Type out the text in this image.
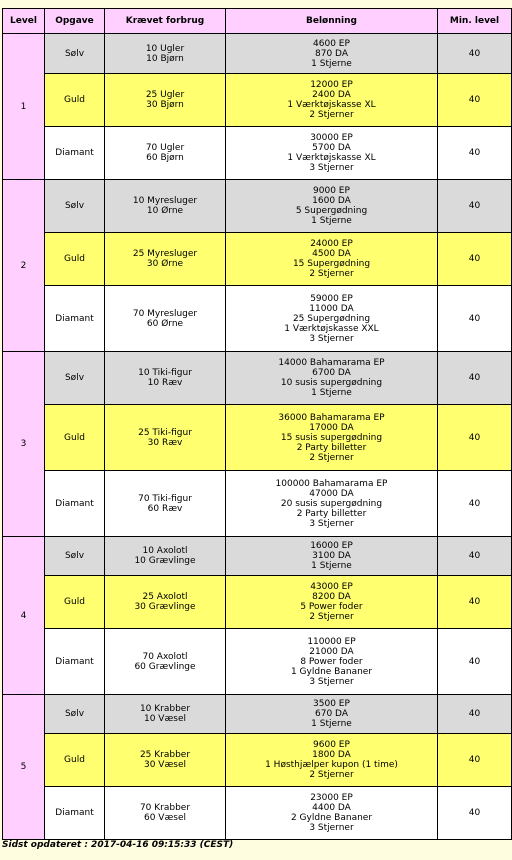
Level	Opgave	Krævet forbrug	Belønning	Min. level
1	Sølv	10 Ugler
10 Bjørn	4600 EP
870 DA
1 Stjerne	40
	Guld	25 Ugler
30 Bjørn	12000 EP
2400 DA
1 Værktøjskasse XL
2 Stjerner	40
	Diamant	70 Ugler
60 Bjørn	30000 EP
5700 DA
1 Værktøjskasse XL
3 Stjerner	40
2	Sølv	10 Myresluger
10 Ørne	9000 EP
1600 DA
5 Supergødning
1 Stjerne	40
	Guld	25 Myresluger
30 Ørne	24000 EP
4500 DA
15 Supergødning
2 Stjerner	40
	Diamant	70 Myresluger
60 Ørne	59000 EP
11000 DA
25 Supergødning
1 Værktøjskasse XXL
3 Stjerner	40
3	Sølv	10 Tiki-figur
10 Ræv	14000 Bahamarama EP
6700 DA
10 susis supergødning
1 Stjerne	40
	Guld	25 Tiki-figur
30 Ræv	36000 Bahamarama EP
17000 DA
15 susis supergødning
2 Party billetter
2 Stjerner	40
	Diamant	70 Tiki-figur
60 Ræv	100000 Bahamarama EP
47000 DA
20 susis supergødning
2 Party billetter
3 Stjerner	40
4	Sølv	10 Axolotl
10 Grævlinge	16000 EP
3100 DA
1 Stjerne	40
	Guld	25 Axolotl
30 Grævlinge	43000 EP
8200 DA
5 Power foder
2 Stjerner	40
	Diamant	70 Axolotl
60 Grævlinge	110000 EP
21000 DA
8 Power foder
1 Gyldne Bananer
3 Stjerner	40
5	Sølv	10 Krabber
10 Væsel	3500 EP
670 DA
1 Stjerne	40
	Guld	25 Krabber
30 Væsel	9600 EP
1800 DA
1 Høsthjælper kupon (1 time)
2 Stjerner	40
	Diamant	70 Krabber
60 Væsel	23000 EP
4400 DA
2 Gyldne Bananer
3 Stjerner	40
Sidst opdateret : 2017-04-16 09:15:33 (CEST)
